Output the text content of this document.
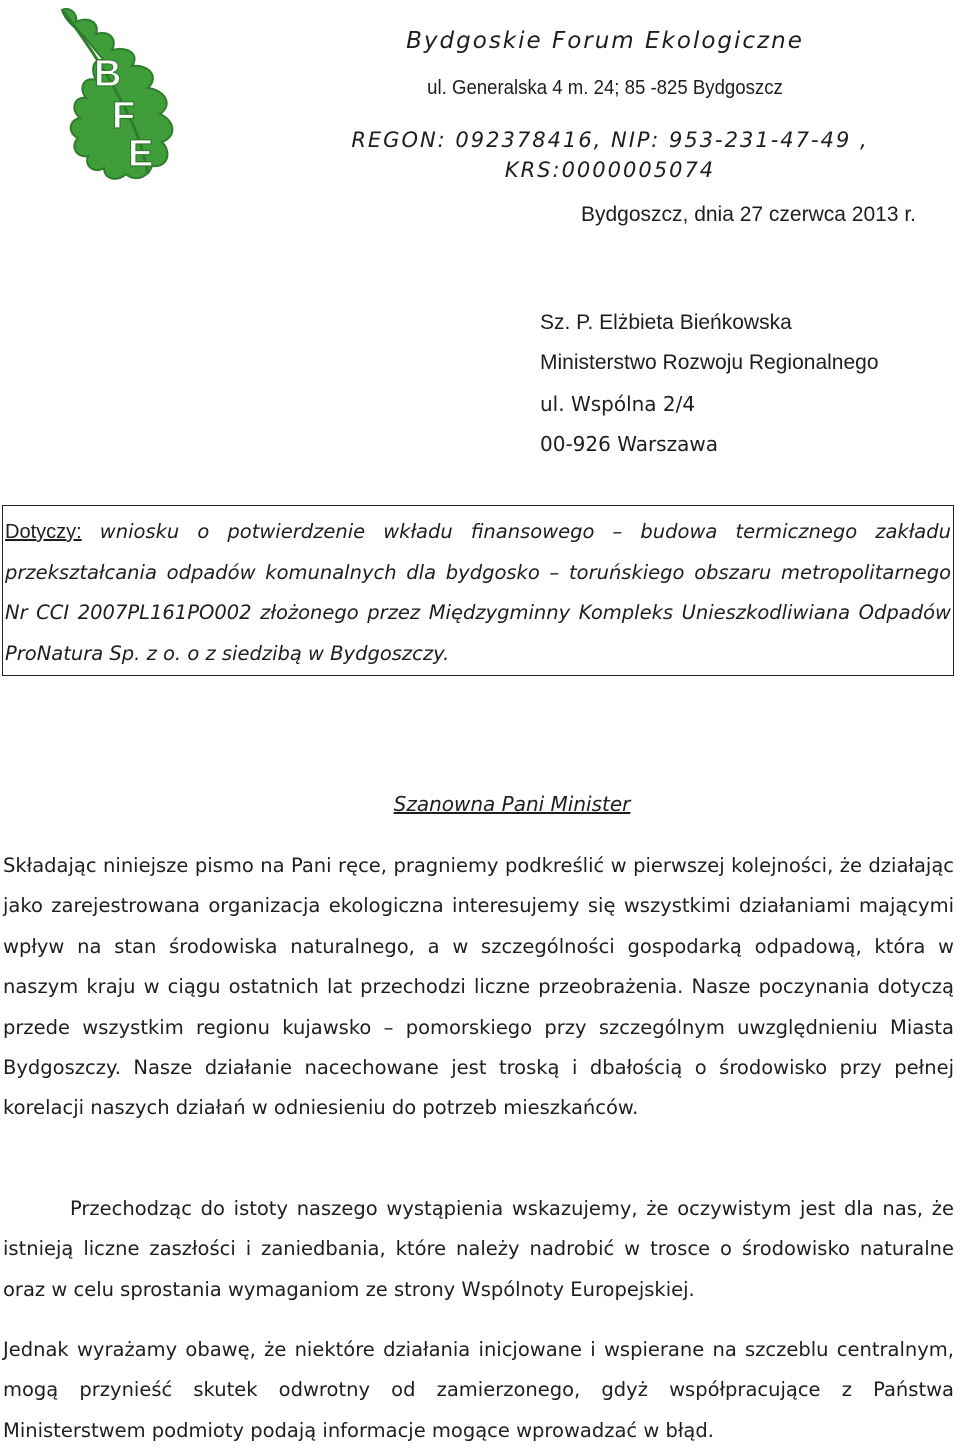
B
F
E
Bydgoskie Forum Ekologiczne
ul. Generalska 4 m. 24; 85 -825 Bydgoszcz
REGON: 092378416, NIP: 953-231-47-49 ,
KRS:0000005074
Bydgoszcz, dnia 27 czerwca 2013 r.
Sz. P. Elżbieta Bieńkowska
Ministerstwo Rozwoju Regionalnego
ul. Wspólna 2/4
00-926 Warszawa
Dotyczy: wniosku o potwierdzenie wkładu finansowego – budowa termicznego zakładu przekształcania odpadów komunalnych dla bydgosko – toruńskiego obszaru metropolitarnego Nr CCI 2007PL161PO002 złożonego przez Międzygminny Kompleks Unieszkodliwiana Odpadów ProNatura Sp. z o. o z siedzibą w Bydgoszczy.
Szanowna Pani Minister

Składając niniejsze pismo na Pani ręce, pragniemy podkreślić w pierwszej kolejności, że działając jako zarejestrowana organizacja ekologiczna interesujemy się wszystkimi działaniami mającymi wpływ na stan środowiska naturalnego, a w szczególności gospodarką odpadową, która w naszym kraju w ciągu ostatnich lat przechodzi liczne przeobrażenia. Nasze poczynania dotyczą przede wszystkim regionu kujawsko – pomorskiego przy szczególnym uwzględnieniu Miasta Bydgoszczy. Nasze działanie nacechowane jest troską i dbałością o środowisko przy pełnej korelacji naszych działań w odniesieniu do potrzeb mieszkańców.

Przechodząc do istoty naszego wystąpienia wskazujemy, że oczywistym jest dla nas, że istnieją liczne zaszłości i zaniedbania, które należy nadrobić w trosce o środowisko naturalne oraz w celu sprostania wymaganiom ze strony Wspólnoty Europejskiej.

Jednak wyrażamy obawę, że niektóre działania inicjowane i wspierane na szczeblu centralnym, mogą przynieść skutek odwrotny od zamierzonego, gdyż współpracujące z Państwa Ministerstwem podmioty podają informacje mogące wprowadzać w błąd.
